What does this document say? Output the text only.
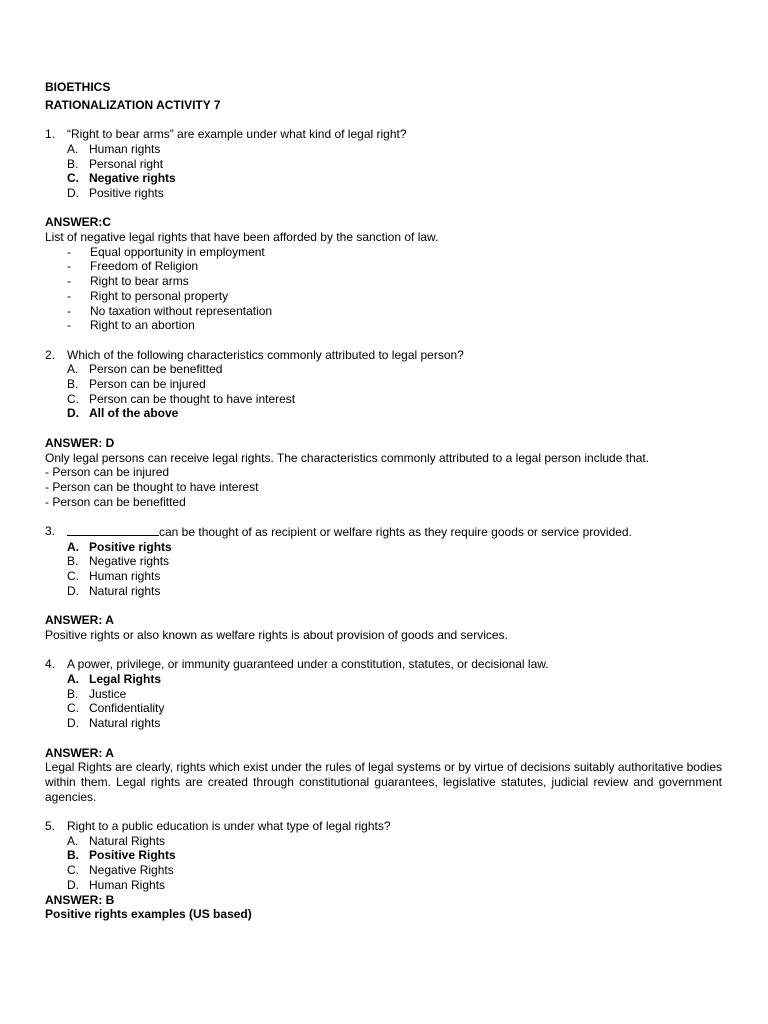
BIOETHICS
RATIONALIZATION ACTIVITY 7
1. “Right to bear arms” are example under what kind of legal right?
A. Human rights
B. Personal right
C. Negative rights
D. Positive rights
ANSWER:C
List of negative legal rights that have been afforded by the sanction of law.
-	Equal opportunity in employment
-	Freedom of Religion
-	Right to bear arms
-	Right to personal property
-	No taxation without representation
-	Right to an abortion
2. Which of the following characteristics commonly attributed to legal person?
A. Person can be benefitted
B. Person can be injured
C. Person can be thought to have interest
D. All of the above
ANSWER: D
Only legal persons can receive legal rights. The characteristics commonly attributed to a legal person include that.
- Person can be injured
- Person can be thought to have interest
- Person can be benefitted
3.	can be thought of as recipient or welfare rights as they require goods or service provided.
A. Positive rights
B. Negative rights
C. Human rights
D. Natural rights
ANSWER: A
Positive rights or also known as welfare rights is about provision of goods and services.
4. A power, privilege, or immunity guaranteed under a constitution, statutes, or decisional law.
A. Legal Rights
B. Justice
C. Confidentiality
D. Natural rights
ANSWER: A
Legal Rights are clearly, rights which exist under the rules of legal systems or by virtue of decisions suitably authoritative bodies within them. Legal rights are created through constitutional guarantees, legislative statutes, judicial review and government agencies.
5. Right to a public education is under what type of legal rights?
A. Natural Rights
B. Positive Rights
C. Negative Rights
D. Human Rights
ANSWER: B
Positive rights examples (US based)
